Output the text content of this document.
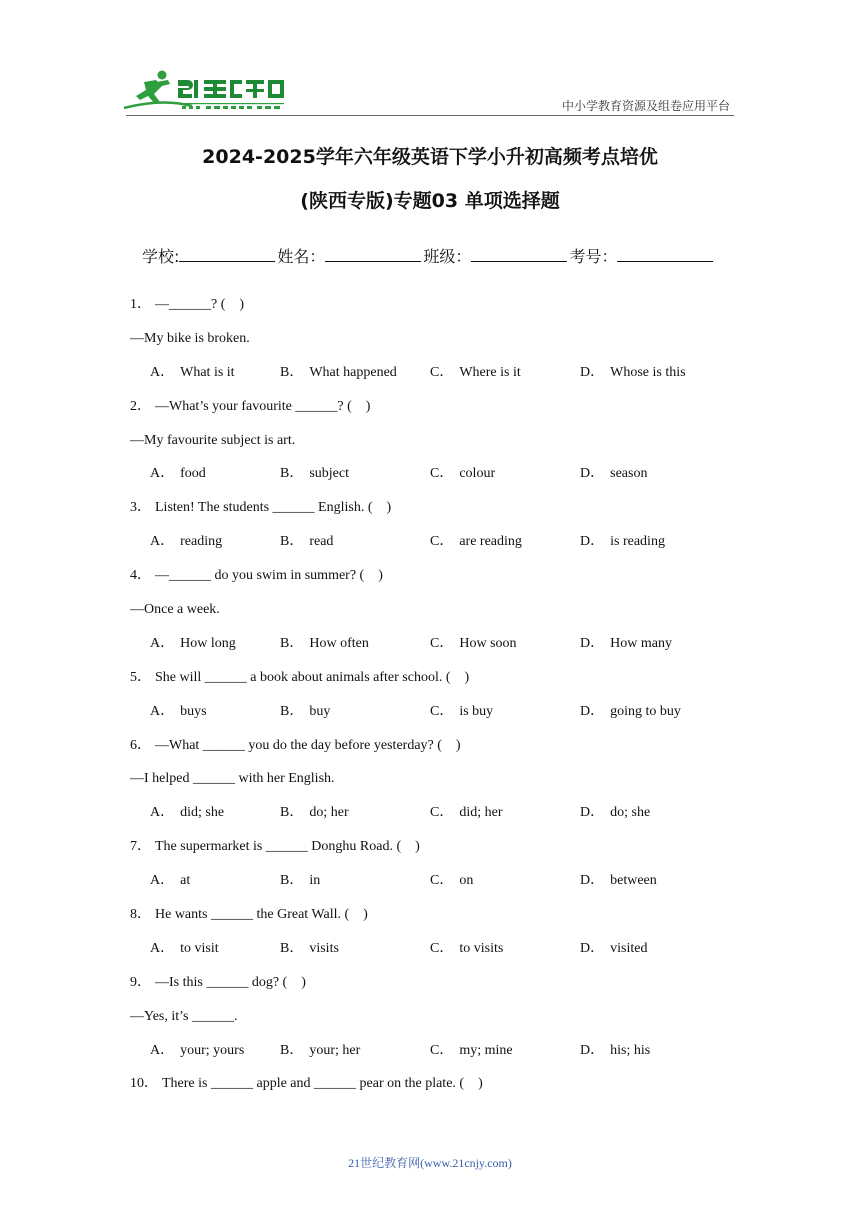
中小学教育资源及组卷应用平台
2024-2025学年六年级英语下学小升初高频考点培优
(陕西专版)专题03 单项选择题
学校:	姓名：	班级：	考号：
1． —______? (　)
—My bike is broken.
A． What is it	B． What happened C． Where is it	D． Whose is this
2． —What’s your favourite ______? (　)
—My favourite subject is art.
A． food	B． subject	C． colour	D． season
3． Listen! The students ______ English. (　)
A． reading	B． read	C． are reading	D． is reading
4． —______ do you swim in summer? (　)
—Once a week.
A． How long	B． How often	C． How soon	D． How many
5． She will ______ a book about animals after school. (　)
A． buys	B． buy	C． is buy	D． going to buy
6． —What ______ you do the day before yesterday? (　)
—I helped ______ with her English.
A． did; she	B． do; her	C． did; her	D． do; she
7． The supermarket is ______ Donghu Road. (　)
A． at	B． in	C． on	D． between
8． He wants ______ the Great Wall. (　)
A． to visit	B． visits	C． to visits	D． visited
9． —Is this ______ dog? (　)
—Yes, it’s ______.
A． your; yours	B． your; her	C． my; mine	D． his; his
10． There is ______ apple and ______ pear on the plate. (　)
21世纪教育网(www.21cnjy.com)
